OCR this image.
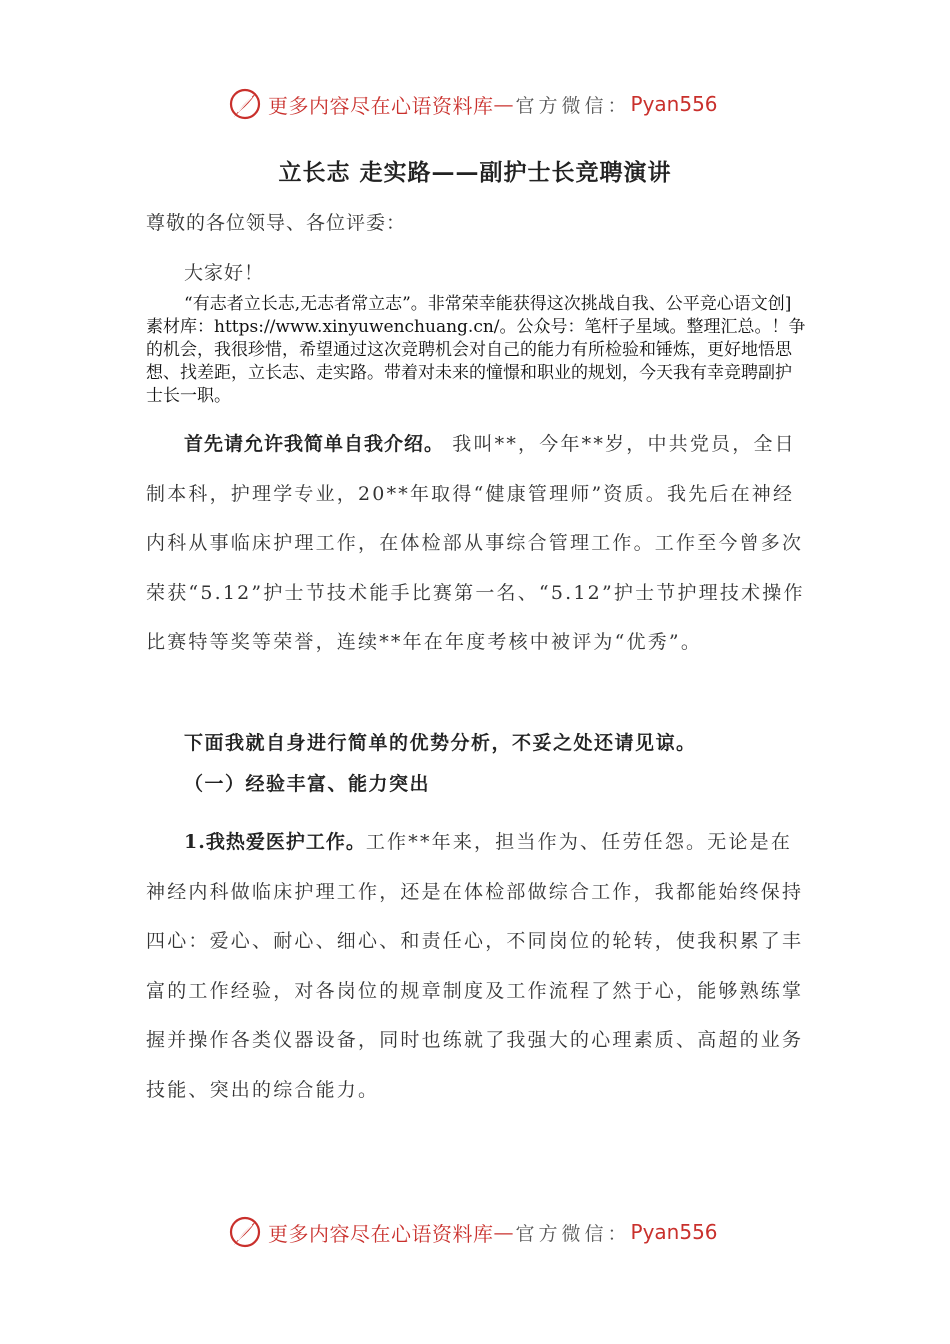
更多内容尽在心语资料库 — 官方微信： Pyan556
立长志 走实路——副护士长竞聘演讲
尊敬的各位领导、各位评委：
大家好！
“有志者立长志,无志者常立志”。非常荣幸能获得这次挑战自我、公平竞心语文创]素材库：https://www.xinyuwenchuang.cn/。公众号：笔杆子星域。整理汇总。！争的机会，我很珍惜，希望通过这次竞聘机会对自己的能力有所检验和锤炼，更好地悟思想、找差距，立长志、走实路。带着对未来的憧憬和职业的规划，今天我有幸竞聘副护士长一职。
首先请允许我简单自我介绍。 我叫**，今年**岁，中共党员，全日制本科，护理学专业，20**年取得“健康管理师”资质。我先后在神经内科从事临床护理工作，在体检部从事综合管理工作。工作至今曾多次荣获“5.12”护士节技术能手比赛第一名、“5.12”护士节护理技术操作比赛特等奖等荣誉，连续**年在年度考核中被评为“优秀”。
下面我就自身进行简单的优势分析，不妥之处还请见谅。
（一）经验丰富、能力突出
1.我热爱医护工作。工作**年来，担当作为、任劳任怨。无论是在神经内科做临床护理工作，还是在体检部做综合工作，我都能始终保持四心：爱心、耐心、细心、和责任心，不同岗位的轮转，使我积累了丰富的工作经验，对各岗位的规章制度及工作流程了然于心，能够熟练掌握并操作各类仪器设备，同时也练就了我强大的心理素质、高超的业务技能、突出的综合能力。
更多内容尽在心语资料库 — 官方微信： Pyan556
